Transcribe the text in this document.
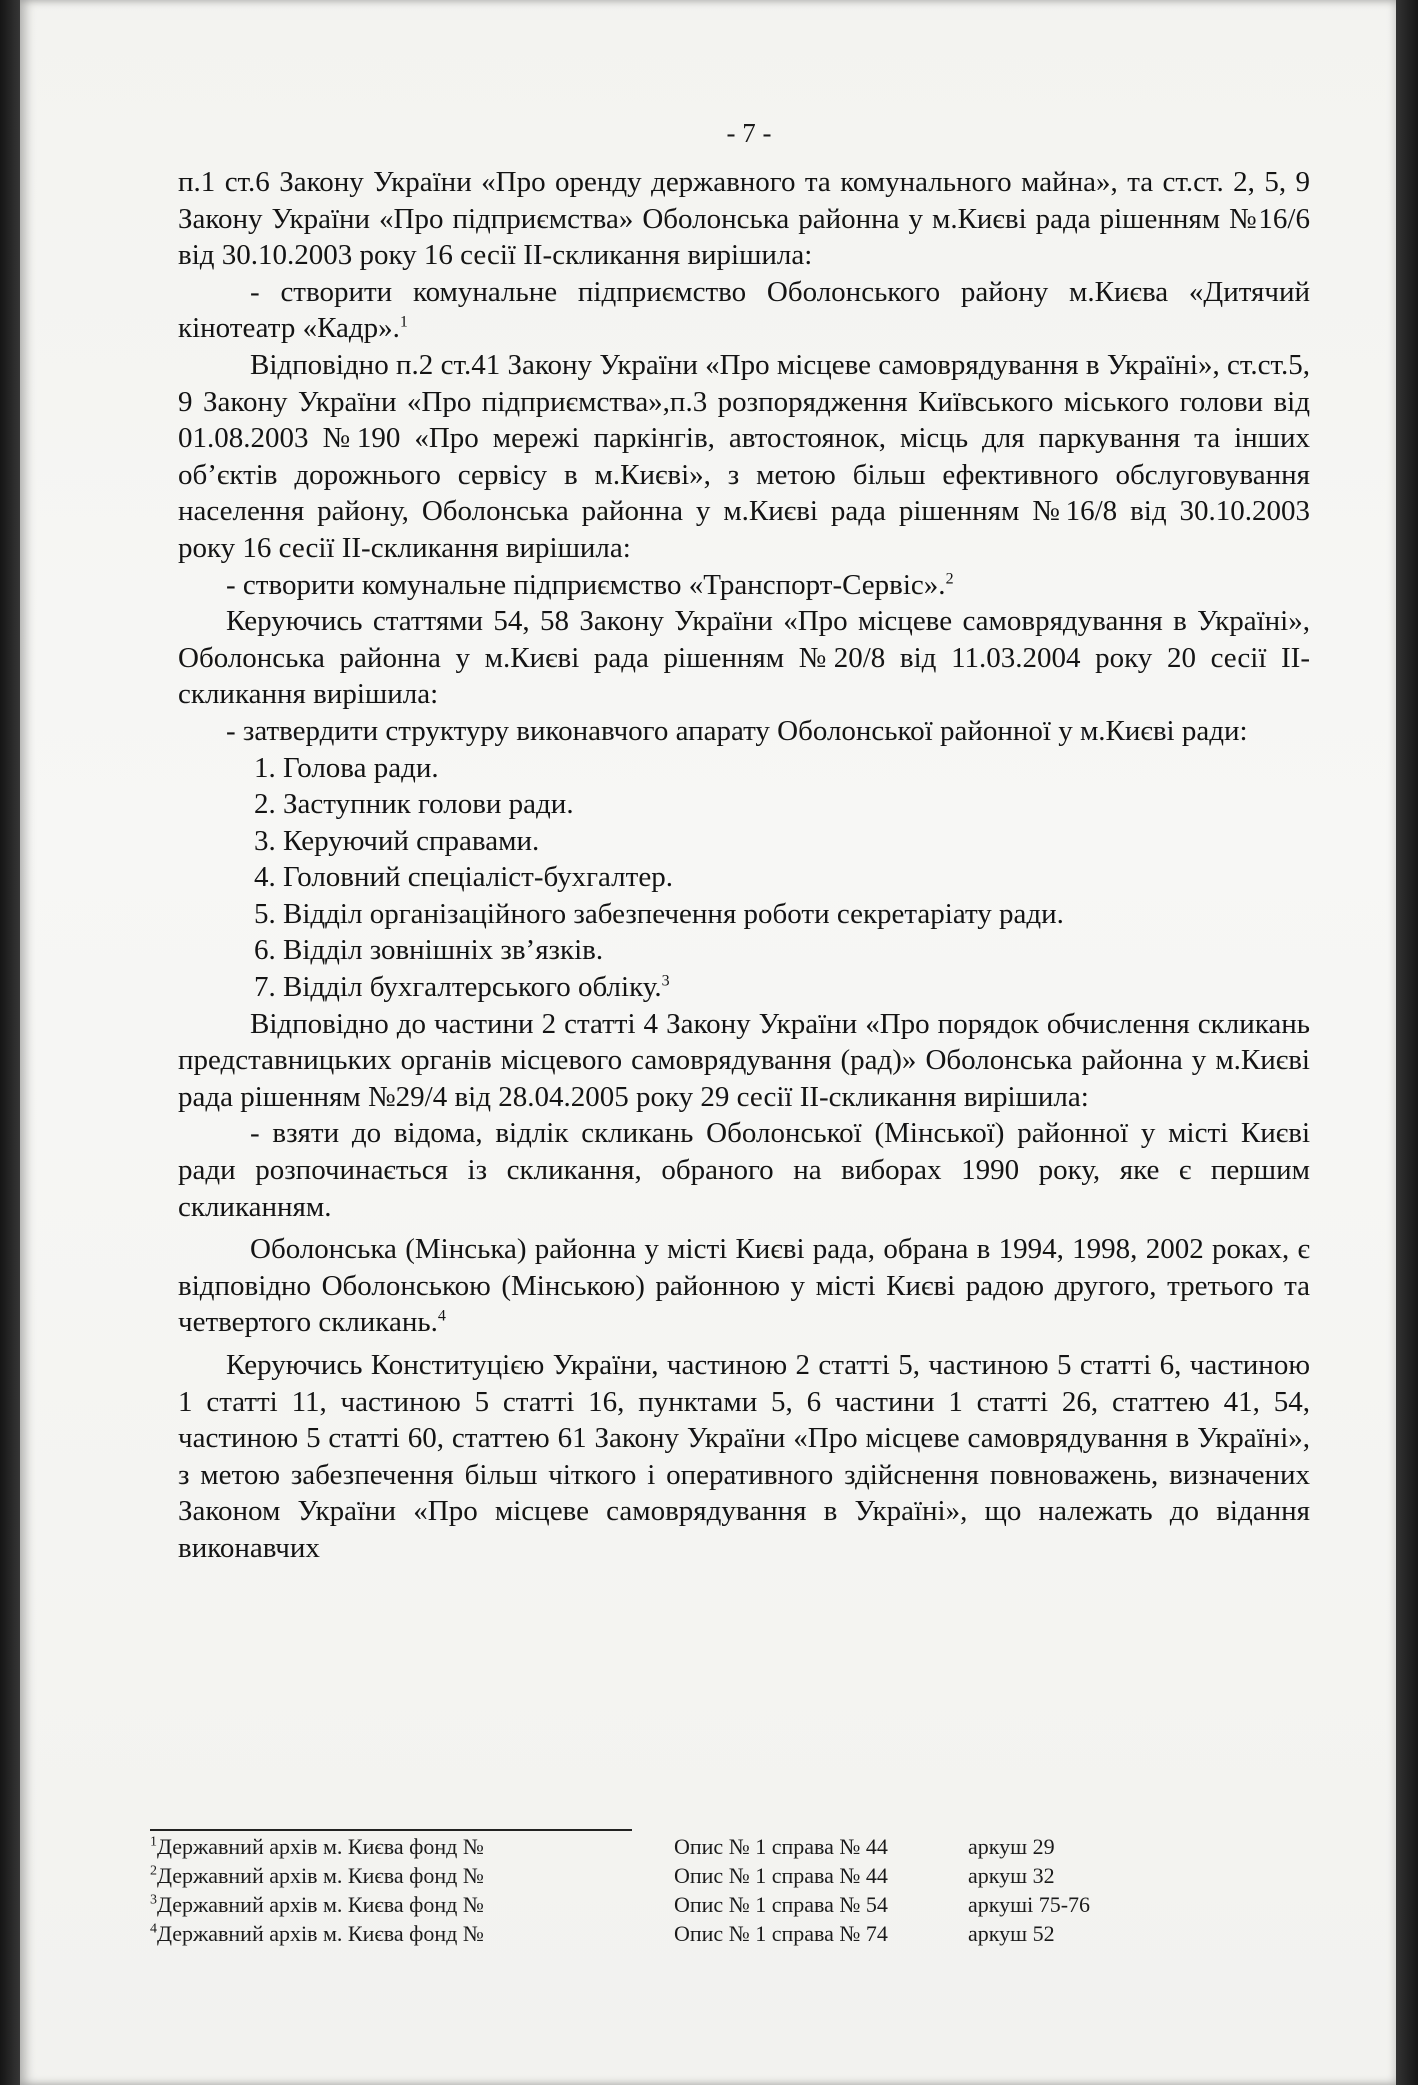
- 7 -

п.1 ст.6 Закону України «Про оренду державного та комунального майна», та ст.ст. 2, 5, 9 Закону України «Про підприємства» Оболонська районна у м.Києві рада рішенням №16/6 від 30.10.2003 року 16 сесії ІІ-скликання вирішила:

- створити комунальне підприємство Оболонського району м.Києва «Дитячий кінотеатр «Кадр».$^1$

Відповідно п.2 ст.41 Закону України «Про місцеве самоврядування в Україні», ст.ст.5, 9 Закону України «Про підприємства»,п.3 розпорядження Київського міського голови від 01.08.2003 №190 «Про мережі паркінгів, автостоянок, місць для паркування та інших об’єктів дорожнього сервісу в м.Києві», з метою більш ефективного обслуговування населення району, Оболонська районна у м.Києві рада рішенням №16/8 від 30.10.2003 року 16 сесії ІІ-скликання вирішила:

- створити комунальне підприємство «Транспорт-Сервіс».$^2$

Керуючись статтями 54, 58 Закону України «Про місцеве самоврядування в Україні», Оболонська районна у м.Києві рада рішенням №20/8 від 11.03.2004 року 20 сесії ІІ-скликання вирішила:

- затвердити структуру виконавчого апарату Оболонської районної у м.Києві ради:

1. Голова ради.

2. Заступник голови ради.

3. Керуючий справами.

4. Головний спеціаліст-бухгалтер.

5. Відділ організаційного забезпечення роботи секретаріату ради.

6. Відділ зовнішніх зв’язків.

7. Відділ бухгалтерського обліку.$^3$

Відповідно до частини 2 статті 4 Закону України «Про порядок обчислення скликань представницьких органів місцевого самоврядування (рад)» Оболонська районна у м.Києві рада рішенням №29/4 від 28.04.2005 року 29 сесії ІІ-скликання вирішила:

- взяти до відома, відлік скликань Оболонської (Мінської) районної у місті Києві ради розпочинається із скликання, обраного на виборах 1990 року, яке є першим скликанням.

Оболонська (Мінська) районна у місті Києві рада, обрана в 1994, 1998, 2002 роках, є відповідно Оболонською (Мінською) районною у місті Києві радою другого, третього та четвертого скликань.$^4$

Керуючись Конституцією України, частиною 2 статті 5, частиною 5 статті 6, частиною 1 статті 11, частиною 5 статті 16, пунктами 5, 6 частини 1 статті 26, статтею 41, 54, частиною 5 статті 60, статтею 61 Закону України «Про місцеве самоврядування в Україні», з метою забезпечення більш чіткого і оперативного здійснення повноважень, визначених Законом України «Про місцеве самоврядування в Україні», що належать до відання виконавчих

$^1$Державний архів м. Києва фонд №	Опис № 1 справа № 44	аркуш 29
$^2$Державний архів м. Києва фонд №	Опис № 1 справа № 44	аркуш 32
$^3$Державний архів м. Києва фонд №	Опис № 1 справа № 54	аркуші 75-76
$^4$Державний архів м. Києва фонд №	Опис № 1 справа № 74	аркуш 52
